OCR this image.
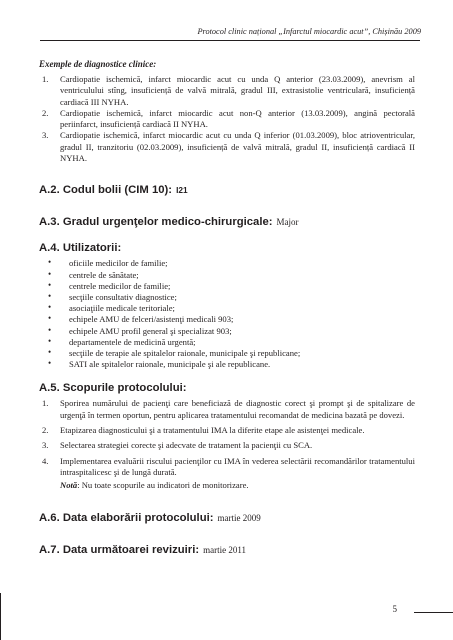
Protocol clinic național „Infarctul miocardic acut”, Chișinău 2009
Exemple de diagnostice clinice:
1. Cardiopatie ischemică, infarct miocardic acut cu unda Q anterior (23.03.2009), anevrism al ventriculului stîng, insuficiență de valvă mitrală, gradul III, extrasistolie ventriculară, insuficiență cardiacă III NYHA.
2. Cardiopatie ischemică, infarct miocardic acut non-Q anterior (13.03.2009), angină pectorală periinfarct, insuficiență cardiacă II NYHA.
3. Cardiopatie ischemică, infarct miocardic acut cu unda Q inferior (01.03.2009), bloc atrioventricular, gradul II, tranzitoriu (02.03.2009), insuficiență de valvă mitrală, gradul II, insuficiență cardiacă II NYHA.
A.2. Codul bolii (CIM 10): I21
A.3. Gradul urgenţelor medico-chirurgicale: Major
A.4. Utilizatorii:
• oficiile medicilor de familie;
• centrele de sănătate;
• centrele medicilor de familie;
• secţiile consultativ diagnostice;
• asociaţiile medicale teritoriale;
• echipele AMU de felceri/asistenţi medicali 903;
• echipele AMU profil general şi specializat 903;
• departamentele de medicină urgentă;
• secţiile de terapie ale spitalelor raionale, municipale şi republicane;
• SATI ale spitalelor raionale, municipale şi ale republicane.
A.5. Scopurile protocolului:
1. Sporirea numărului de pacienţi care beneficiază de diagnostic corect şi prompt şi de spitalizare de urgenţă în termen oportun, pentru aplicarea tratamentului recomandat de medicina bazată pe dovezi.
2. Etapizarea diagnosticului şi a tratamentului IMA la diferite etape ale asistenţei medicale.
3. Selectarea strategiei corecte şi adecvate de tratament la pacienţii cu SCA.
4. Implementarea evaluării riscului pacienţilor cu IMA în vederea selectării recomandărilor tratamentului intraspitalicesc şi de lungă durată.
Notă: Nu toate scopurile au indicatori de monitorizare.
A.6. Data elaborării protocolului: martie 2009
A.7. Data următoarei revizuiri: martie 2011
5
